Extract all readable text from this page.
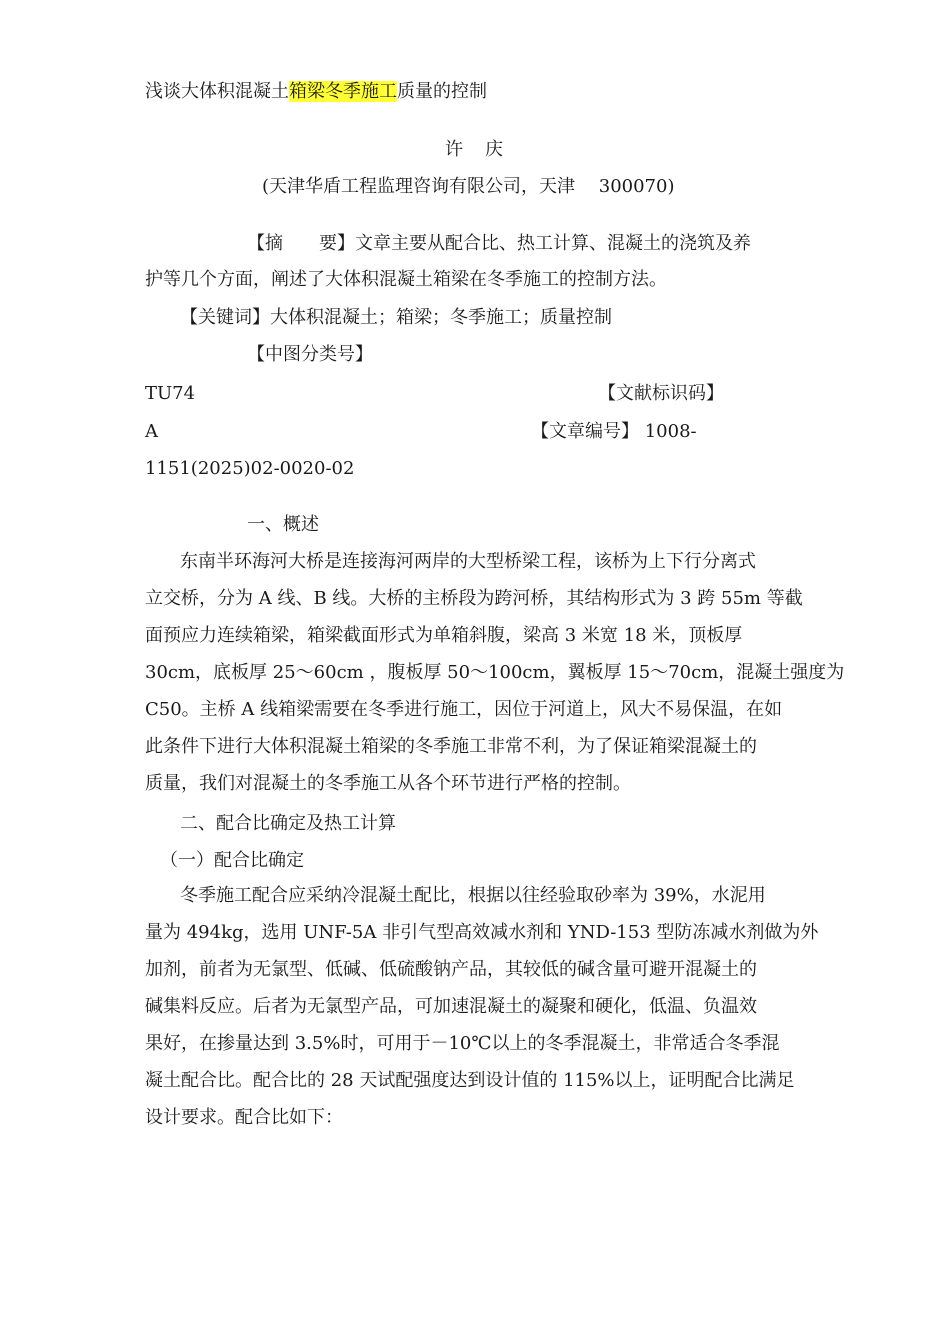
浅谈大体积混凝土箱梁冬季施工质量的控制
许　庆
(天津华盾工程监理咨询有限公司，天津　 300070)
【摘　　要】文章主要从配合比、热工计算、混凝土的浇筑及养
护等几个方面，阐述了大体积混凝土箱梁在冬季施工的控制方法。
【关键词】大体积混凝土；箱梁；冬季施工；质量控制
【中图分类号】
TU74	【文献标识码】
A	【文章编号】 1008-
1151(2025)02-0020-02
一、概述
东南半环海河大桥是连接海河两岸的大型桥梁工程，该桥为上下行分离式
立交桥，分为 A 线、B 线。大桥的主桥段为跨河桥，其结构形式为 3 跨 55m 等截
面预应力连续箱梁，箱梁截面形式为单箱斜腹，梁高 3 米宽 18 米，顶板厚
30cm，底板厚 25～60cm ，腹板厚 50～100cm，翼板厚 15～70cm，混凝土强度为
C50。主桥 A 线箱梁需要在冬季进行施工，因位于河道上，风大不易保温，在如
此条件下进行大体积混凝土箱梁的冬季施工非常不利，为了保证箱梁混凝土的
质量，我们对混凝土的冬季施工从各个环节进行严格的控制。
二、配合比确定及热工计算
（一）配合比确定
冬季施工配合应采纳冷混凝土配比，根据以往经验取砂率为 39%，水泥用
量为 494kg，选用 UNF-5A 非引气型高效减水剂和 YND-153 型防冻减水剂做为外
加剂，前者为无氯型、低碱、低硫酸钠产品，其较低的碱含量可避开混凝土的
碱集料反应。后者为无氯型产品，可加速混凝土的凝聚和硬化，低温、负温效
果好，在掺量达到 3.5%时，可用于－10℃以上的冬季混凝土，非常适合冬季混
凝土配合比。配合比的 28 天试配强度达到设计值的 115%以上，证明配合比满足
设计要求。配合比如下：
